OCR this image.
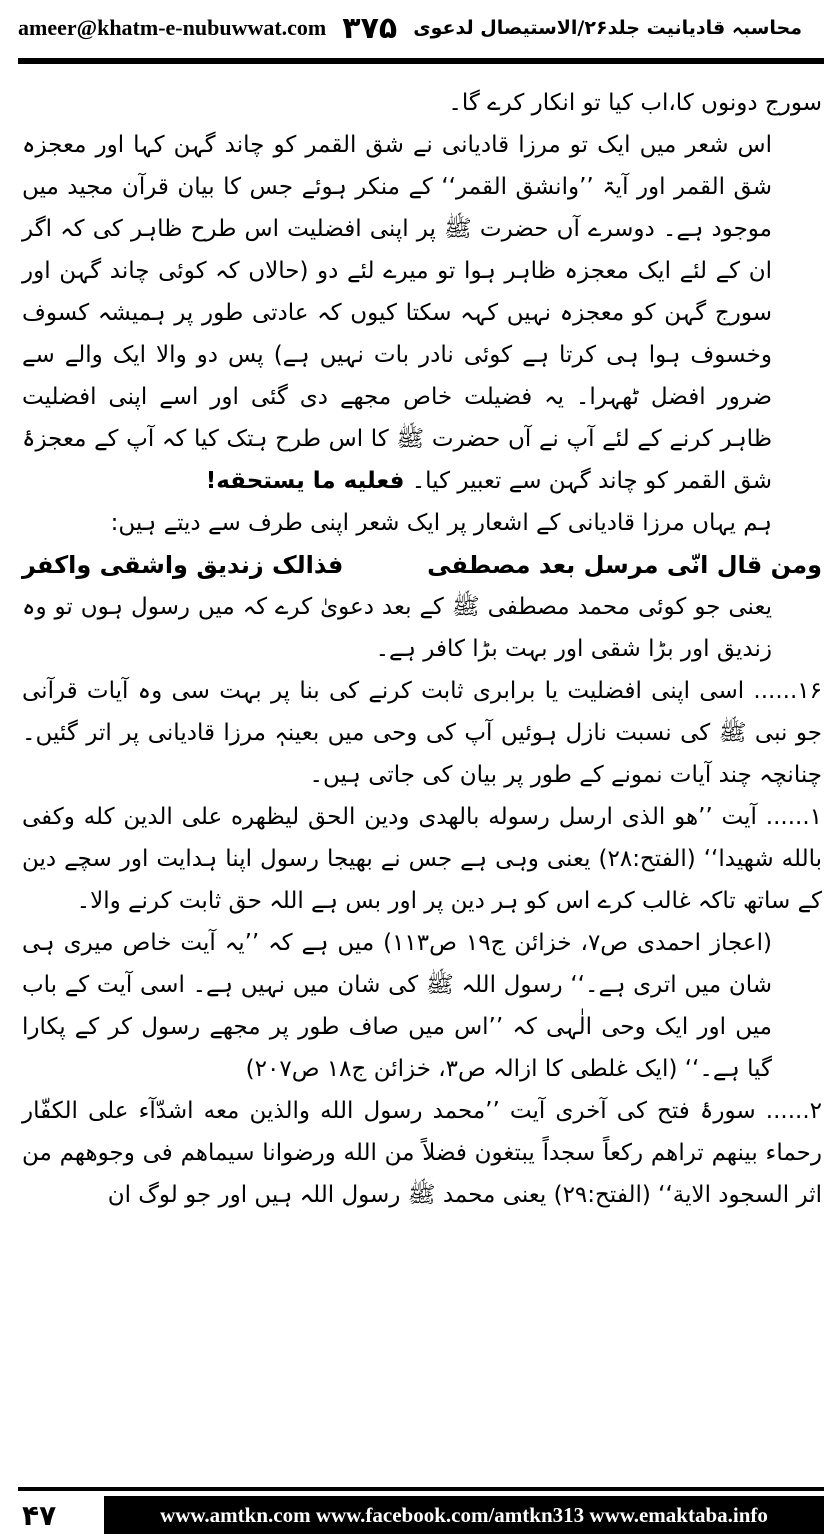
ameer@khatm-e-nubuwwat.com ۳۷۵ محاسبہ قادیانیت جلد۲۶/الاستیصال لدعوی

سورج دونوں کا،اب کیا تو انکار کرے گا۔

اس شعر میں ایک تو مرزا قادیانی نے شق القمر کو چاند گہن کہا اور معجزہ شق القمر اور آیۃ ’’وانشق القمر‘‘ کے منکر ہوئے جس کا بیان قرآن مجید میں موجود ہے۔ دوسرے آں حضرت ﷺ پر اپنی افضلیت اس طرح ظاہر کی کہ اگر ان کے لئے ایک معجزہ ظاہر ہوا تو میرے لئے دو (حالاں کہ کوئی چاند گہن اور سورج گہن کو معجزہ نہیں کہہ سکتا کیوں کہ عادتی طور پر ہمیشہ کسوف وخسوف ہوا ہی کرتا ہے کوئی نادر بات نہیں ہے) پس دو والا ایک والے سے ضرور افضل ٹھہرا۔ یہ فضیلت خاص مجھے دی گئی اور اسے اپنی افضلیت ظاہر کرنے کے لئے آپ نے آں حضرت ﷺ کا اس طرح ہتک کیا کہ آپ کے معجزۂ شق القمر کو چاند گہن سے تعبیر کیا۔ فعلیه ما یستحقه!

ہم یہاں مرزا قادیانی کے اشعار پر ایک شعر اپنی طرف سے دیتے ہیں:

ومن قال انّی مرسل بعد مصطفی
فذالک زندیق واشقی واکفر

یعنی جو کوئی محمد مصطفی ﷺ کے بعد دعویٰ کرے کہ میں رسول ہوں تو وہ زندیق اور بڑا شقی اور بہت بڑا کافر ہے۔

۱۶...... اسی اپنی افضلیت یا برابری ثابت کرنے کی بنا پر بہت سی وہ آیات قرآنی جو نبی ﷺ کی نسبت نازل ہوئیں آپ کی وحی میں بعینہٖ مرزا قادیانی پر اتر گئیں۔ چنانچہ چند آیات نمونے کے طور پر بیان کی جاتی ہیں۔

۱...... آیت ’’هو الذی ارسل رسوله بالهدی ودین الحق لیظهره علی الدین کله وکفی بالله شهیدا‘‘ (الفتح:۲۸) یعنی وہی ہے جس نے بھیجا رسول اپنا ہدایت اور سچے دین کے ساتھ تاکہ غالب کرے اس کو ہر دین پر اور بس ہے اللہ حق ثابت کرنے والا۔

(اعجاز احمدی ص۷، خزائن ج۱۹ ص۱۱۳) میں ہے کہ ’’یہ آیت خاص میری ہی شان میں اتری ہے۔‘‘ رسول اللہ ﷺ کی شان میں نہیں ہے۔ اسی آیت کے باب میں اور ایک وحی الٰہی کہ ’’اس میں صاف طور پر مجھے رسول کر کے پکارا گیا ہے۔‘‘ (ایک غلطی کا ازالہ ص۳، خزائن ج۱۸ ص۲۰۷)

۲...... سورۂ فتح کی آخری آیت ’’محمد رسول الله والذین معه اشدّآء علی الکفّار رحماء بینهم تراهم رکعاً سجداً یبتغون فضلاً من الله ورضوانا سیماهم فی وجوههم من اثر السجود الایة‘‘ (الفتح:۲۹) یعنی محمد ﷺ رسول اللہ ہیں اور جو لوگ ان

۴۷	www.amtkn.com www.facebook.com/amtkn313 www.emaktaba.info
